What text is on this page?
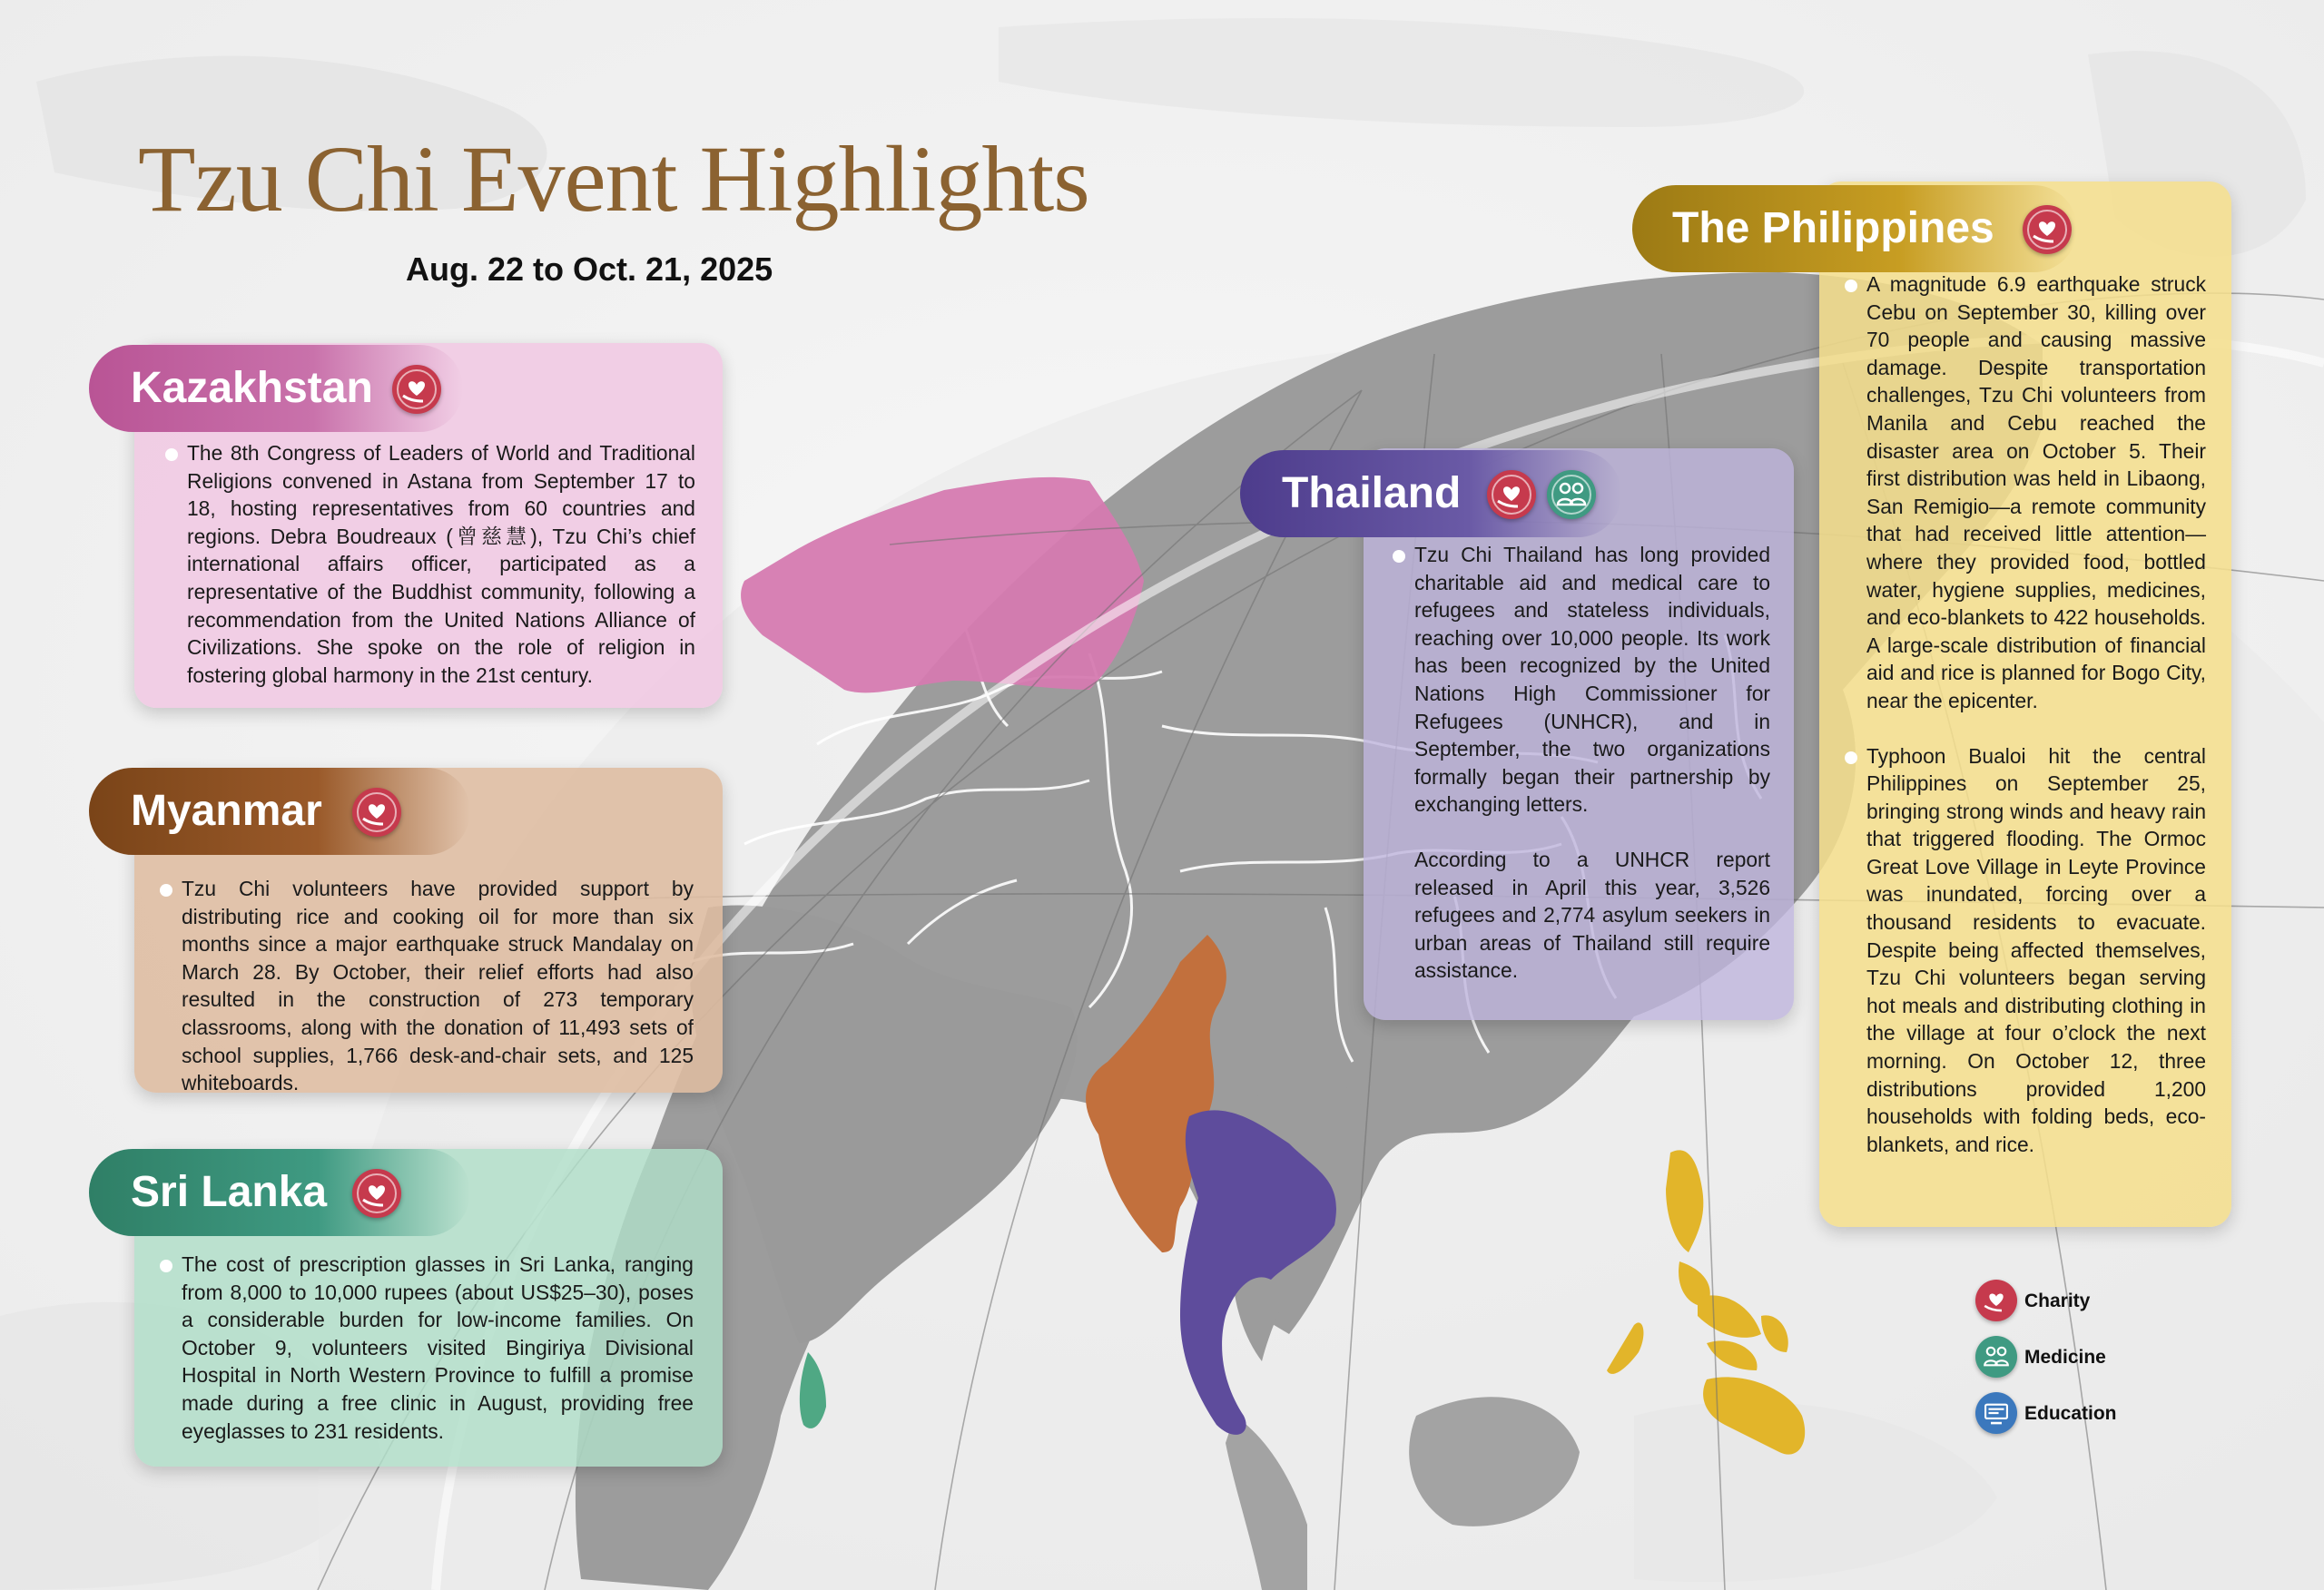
Tzu Chi Event Highlights
Aug. 22 to Oct. 21, 2025

The 8th Congress of Leaders of World and Traditional Religions convened in Astana from September 17 to 18, hosting representatives from 60 countries and regions. Debra Boudreaux (曾慈慧), Tzu Chi’s chief international affairs officer, participated as a representative of the Buddhist community, following a recommendation from the United Nations Alliance of Civilizations. She spoke on the role of religion in fostering global harmony in the 21st century.

Kazakhstan

Tzu Chi volunteers have provided support by distributing rice and cooking oil for more than six months since a major earthquake struck Mandalay on March 28. By October, their relief efforts had also resulted in the construction of 273 temporary classrooms, along with the donation of 11,493 sets of school supplies, 1,766 desk-and-chair sets, and 125 whiteboards.

Myanmar

The cost of prescription glasses in Sri Lanka, ranging from 8,000 to 10,000 rupees (about US$25–30), poses a considerable burden for low-income families. On October 9, volunteers visited Bingiriya Divisional Hospital in North Western Province to fulfill a promise made during a free clinic in August, providing free eyeglasses to 231 residents.

Sri Lanka

Tzu Chi Thailand has long provided charitable aid and medical care to refugees and stateless individuals, reaching over 10,000 people. Its work has been recognized by the United Nations High Commissioner for Refugees (UNHCR), and in September, the two organizations formally began their partnership by exchanging letters.

According to a UNHCR report released in April this year, 3,526 refugees and 2,774 asylum seekers in urban areas of Thailand still require assistance.

Thailand

A magnitude 6.9 earthquake struck Cebu on September 30, killing over 70 people and causing massive damage. Despite transportation challenges, Tzu Chi volunteers from Manila and Cebu reached the disaster area on October 5. Their first distribution was held in Libaong, San Remigio—a remote community that had received little attention—where they provided food, bottled water, hygiene supplies, medicines, and eco-blankets to 422 households. A large-scale distribution of financial aid and rice is planned for Bogo City, near the epicenter.

Typhoon Bualoi hit the central Philippines on September 25, bringing strong winds and heavy rain that triggered flooding. The Ormoc Great Love Village in Leyte Province was inundated, forcing over a thousand residents to evacuate. Despite being affected themselves, Tzu Chi volunteers began serving hot meals and distributing clothing in the village at four o’clock the next morning. On October 12, three distributions provided 1,200 households with folding beds, eco-blankets, and rice.

The Philippines
Charity
Medicine
Education
